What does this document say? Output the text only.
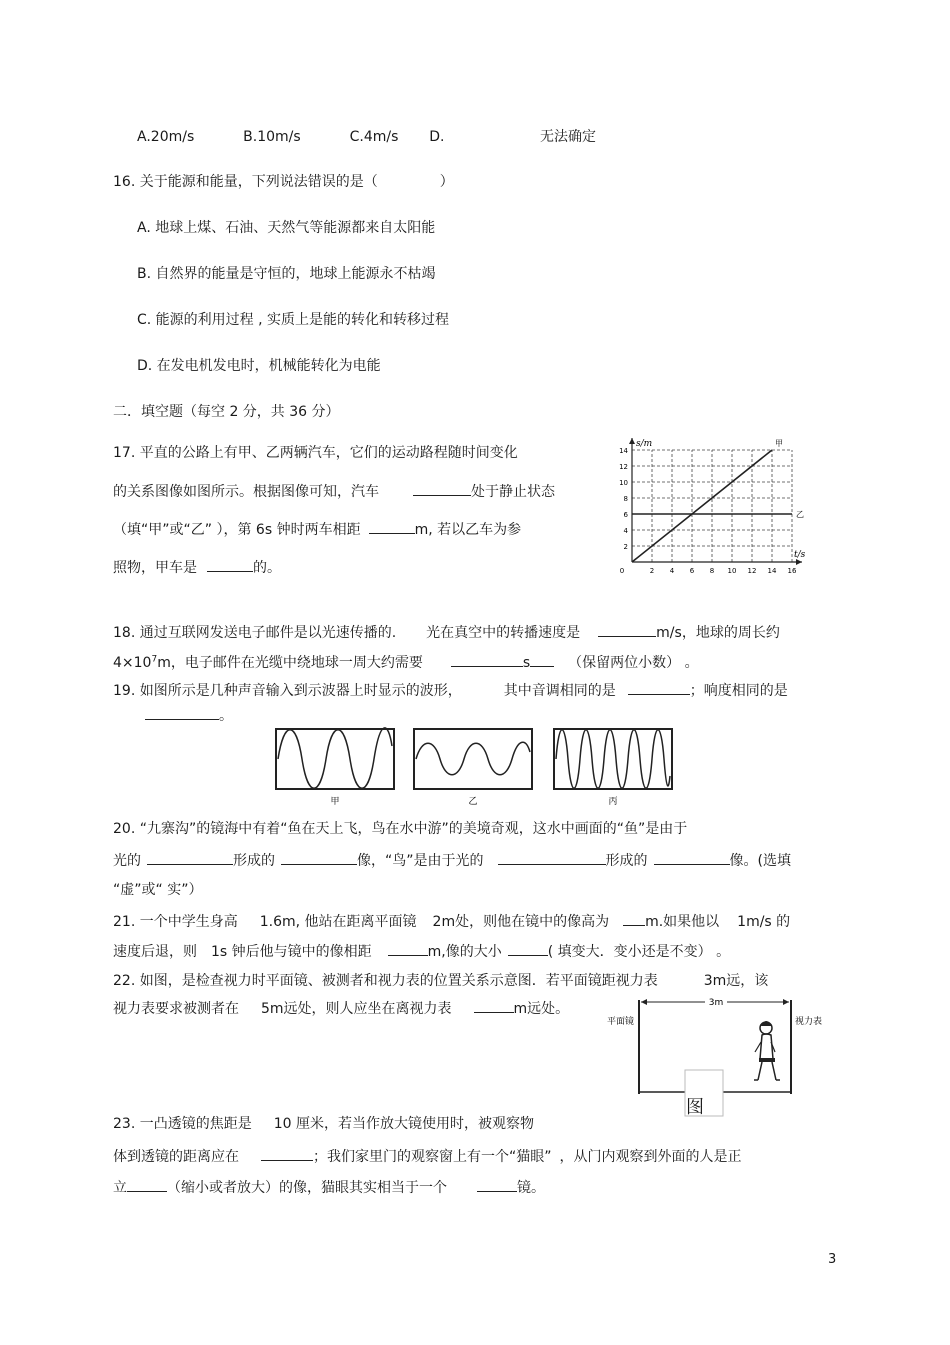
A.20m/s	B.10m/s	C.4m/s D.	无法确定
16. 关于能源和能量，下列说法错误的是（	）
A. 地球上煤、石油、天然气等能源都来自太阳能
B. 自然界的能量是守恒的，地球上能源永不枯竭
C. 能源的利用过程 , 实质上是能的转化和转移过程
D. 在发电机发电时，机械能转化为电能
二．填空题（每空 2 分，共 36 分）
17. 平直的公路上有甲、乙两辆汽车，它们的运动路程随时间变化
的关系图像如图所示。根据图像可知，汽车	处于静止状态
（填“甲”或“乙” ），第 6s 钟时两车相距	m, 若以乙车为参
照物，甲车是	的。	0	2 4 6 8 10 12 14 16
2
4
6
8
10
12
14
s/m
t/s
甲
乙
18. 通过互联网发送电子邮件是以光速传播的. 光在真空中的转播速度是	m/s，地球的周长约
$4\times 10^7m$，电子邮件在光缆中绕地球一周大约需要	s	（保留两位小数） 。
19. 如图所示是几种声音输入到示波器上时显示的波形，	其中音调相同的是	；响度相同的是
。
甲	乙	丙
20. “九寨沟”的镜海中有着“鱼在天上飞，鸟在水中游”的美境奇观，这水中画面的“鱼”是由于
光的	形成的	像，“鸟”是由于光的	形成的	像。(选填
“虚”或“ 实”）
21. 一个中学生身高 1.6m, 他站在距离平面镜 2m处，则他在镜中的像高为	m.如果他以 1m/s 的
速度后退，则 1s 钟后他与镜中的像相距	m,像的大小	( 填变大．变小还是不变） 。
22. 如图，是检查视力时平面镜、被测者和视力表的位置关系示意图．若平面镜距视力表	3m远，该
视力表要求被测者在 5m远处，则人应坐在离视力表	m远处。	3m
平面镜	视力表
图
23. 一凸透镜的焦距是 10 厘米，若当作放大镜使用时，被观察物
体到透镜的距离应在	；我们家里门的观察窗上有一个“猫眼” ，从门内观察到外面的人是正
立	（缩小或者放大）的像，猫眼其实相当于一个	镜。
3
